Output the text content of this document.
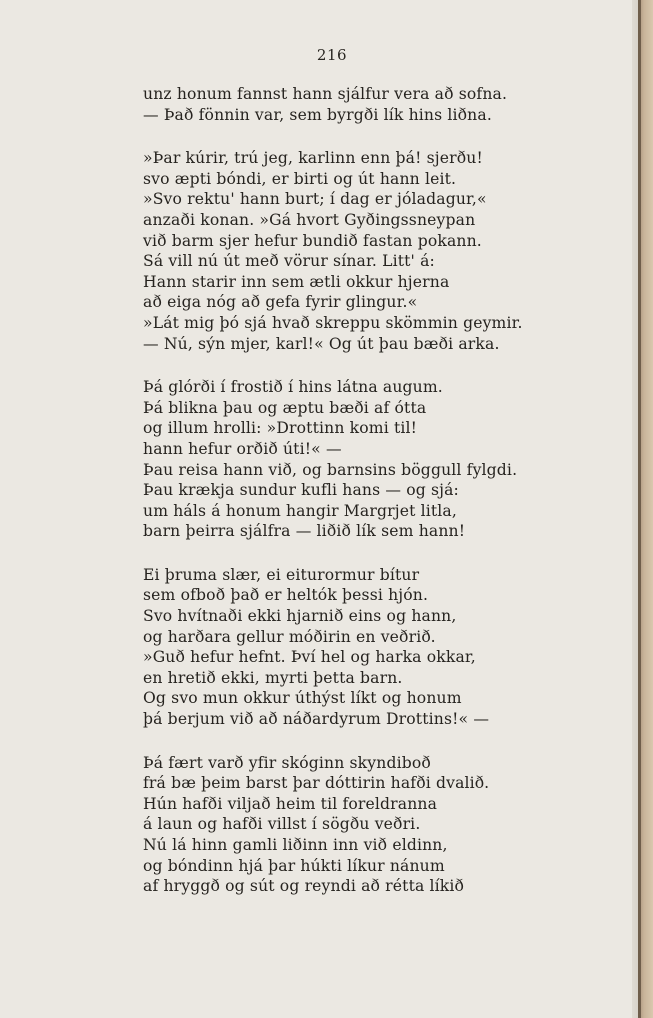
216
unz honum fannst hann sjálfur vera að sofna.
— Það fönnin var, sem byrgði lík hins liðna.
»Þar kúrir, trú jeg, karlinn enn þá! sjerðu!
svo æpti bóndi, er birti og út hann leit.
»Svo rektu' hann burt; í dag er jóladagur,«
anzaði konan. »Gá hvort Gyðingssneypan
við barm sjer hefur bundið fastan pokann.
Sá vill nú út með vörur sínar. Litt' á:
Hann starir inn sem ætli okkur hjerna
að eiga nóg að gefa fyrir glingur.«
»Lát mig þó sjá hvað skreppu skömmin geymir.
— Nú, sýn mjer, karl!« Og út þau bæði arka.
Þá glórði í frostið í hins látna augum.
Þá blikna þau og æptu bæði af ótta
og illum hrolli: »Drottinn komi til!
hann hefur orðið úti!« —
Þau reisa hann við, og barnsins böggull fylgdi.
Þau krækja sundur kufli hans — og sjá:
um háls á honum hangir Margrjet litla,
barn þeirra sjálfra — liðið lík sem hann!
Ei þruma slær, ei eiturormur bítur
sem ofboð það er heltók þessi hjón.
Svo hvítnaði ekki hjarnið eins og hann,
og harðara gellur móðirin en veðrið.
»Guð hefur hefnt. Því hel og harka okkar,
en hretið ekki, myrti þetta barn.
Og svo mun okkur úthýst líkt og honum
þá berjum við að náðardyrum Drottins!« —
Þá fært varð yfir skóginn skyndiboð
frá bæ þeim barst þar dóttirin hafði dvalið.
Hún hafði viljað heim til foreldranna
á laun og hafði villst í sögðu veðri.
Nú lá hinn gamli liðinn inn við eldinn,
og bóndinn hjá þar húkti líkur nánum
af hryggð og sút og reyndi að rétta líkið
